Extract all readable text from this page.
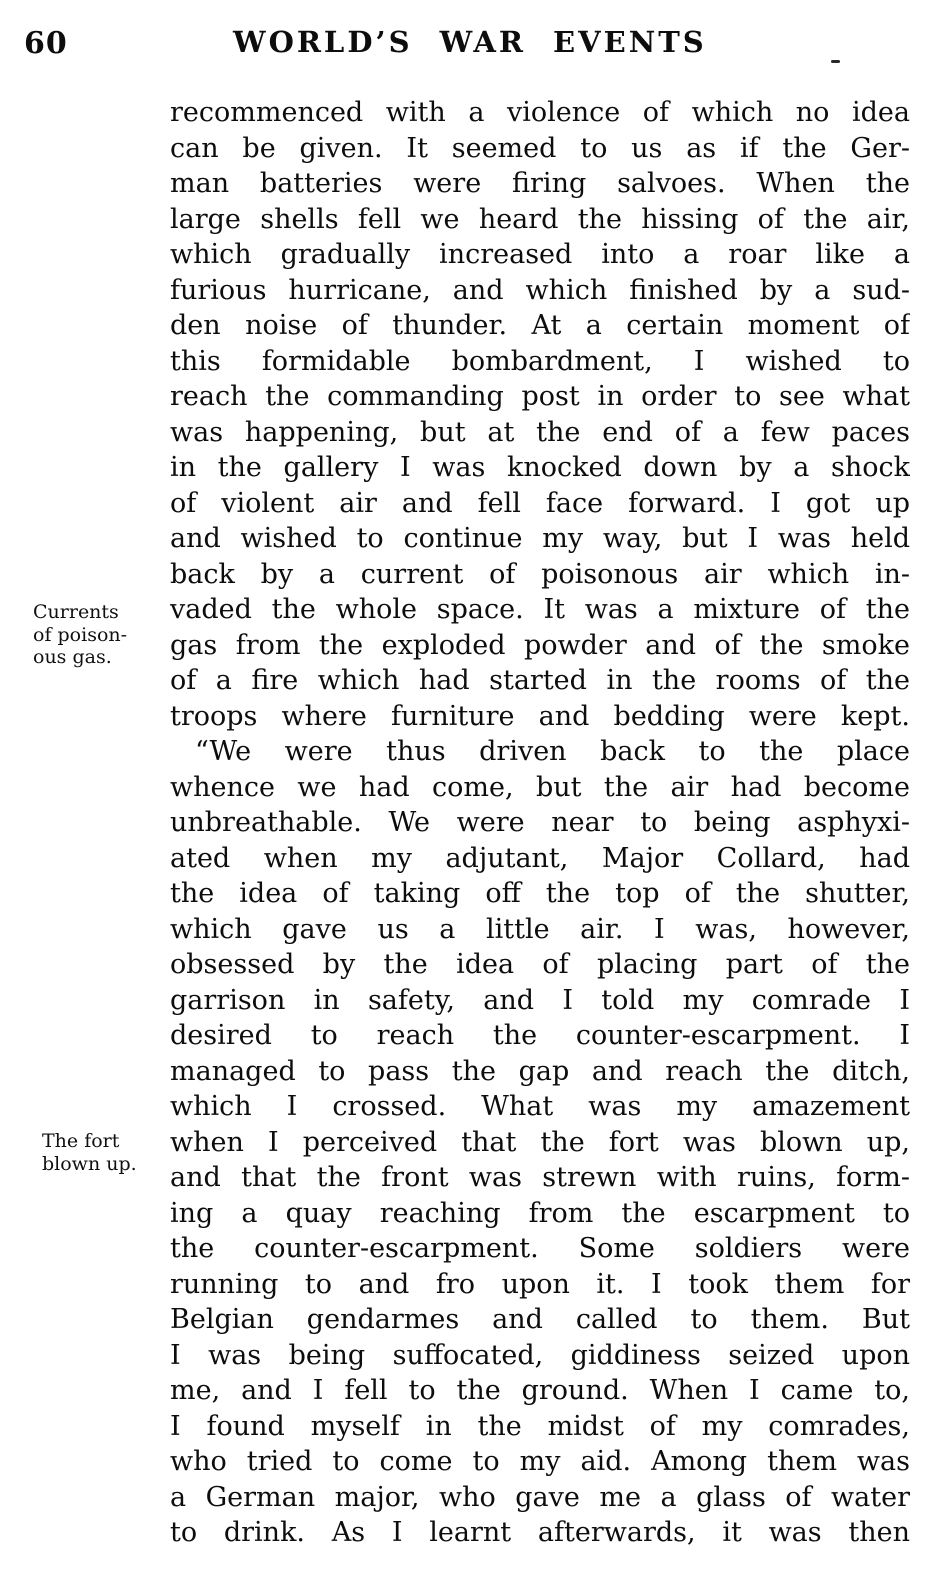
60	WORLD’S WAR EVENTS
Currents
of poison-
ous gas.
The fort
blown up.
recommenced with a violence of which no idea
can be given. It seemed to us as if the Ger-
man batteries were firing salvoes. When the
large shells fell we heard the hissing of the air,
which gradually increased into a roar like a
furious hurricane, and which finished by a sud-
den noise of thunder. At a certain moment of
this formidable bombardment, I wished to
reach the commanding post in order to see what
was happening, but at the end of a few paces
in the gallery I was knocked down by a shock
of violent air and fell face forward. I got up
and wished to continue my way, but I was held
back by a current of poisonous air which in-
vaded the whole space. It was a mixture of the
gas from the exploded powder and of the smoke
of a fire which had started in the rooms of the
troops where furniture and bedding were kept.
“We were thus driven back to the place
whence we had come, but the air had become
unbreathable. We were near to being asphyxi-
ated when my adjutant, Major Collard, had
the idea of taking off the top of the shutter,
which gave us a little air. I was, however,
obsessed by the idea of placing part of the
garrison in safety, and I told my comrade I
desired to reach the counter-escarpment. I
managed to pass the gap and reach the ditch,
which I crossed. What was my amazement
when I perceived that the fort was blown up,
and that the front was strewn with ruins, form-
ing a quay reaching from the escarpment to
the counter-escarpment. Some soldiers were
running to and fro upon it. I took them for
Belgian gendarmes and called to them. But
I was being suffocated, giddiness seized upon
me, and I fell to the ground. When I came to,
I found myself in the midst of my comrades,
who tried to come to my aid. Among them was
a German major, who gave me a glass of water
to drink. As I learnt afterwards, it was then
